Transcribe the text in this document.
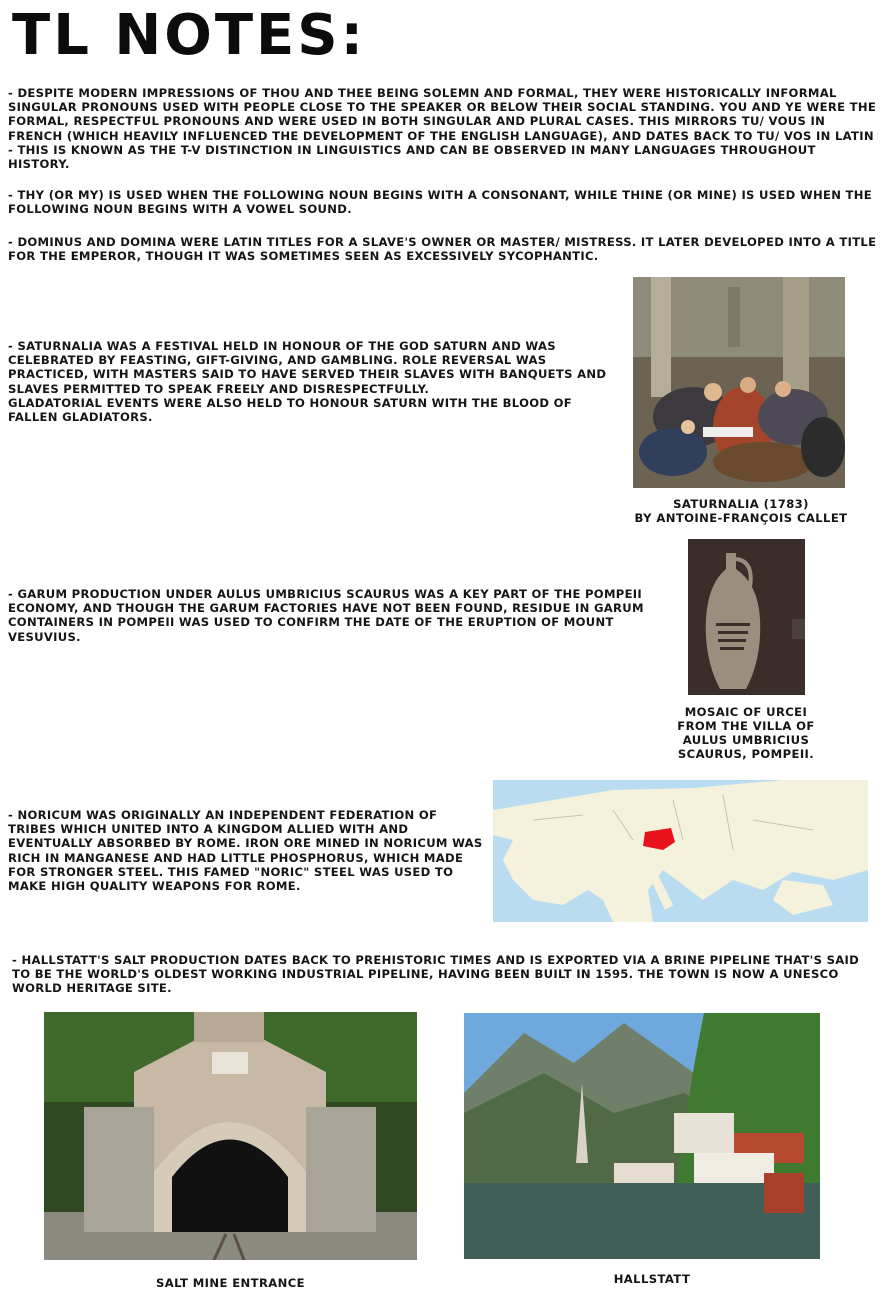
TL NOTES:

- DESPITE MODERN IMPRESSIONS OF THOU AND THEE BEING SOLEMN AND FORMAL, THEY WERE HISTORICALLY INFORMAL SINGULAR PRONOUNS USED WITH PEOPLE CLOSE TO THE SPEAKER OR BELOW THEIR SOCIAL STANDING. YOU AND YE WERE THE FORMAL, RESPECTFUL PRONOUNS AND WERE USED IN BOTH SINGULAR AND PLURAL CASES. THIS MIRRORS TU/ VOUS IN FRENCH (WHICH HEAVILY INFLUENCED THE DEVELOPMENT OF THE ENGLISH LANGUAGE), AND DATES BACK TO TU/ VOS IN LATIN - THIS IS KNOWN AS THE T-V DISTINCTION IN LINGUISTICS AND CAN BE OBSERVED IN MANY LANGUAGES THROUGHOUT HISTORY.

- THY (OR MY) IS USED WHEN THE FOLLOWING NOUN BEGINS WITH A CONSONANT, WHILE THINE (OR MINE) IS USED WHEN THE FOLLOWING NOUN BEGINS WITH A VOWEL SOUND.

- DOMINUS AND DOMINA WERE LATIN TITLES FOR A SLAVE'S OWNER OR MASTER/ MISTRESS. IT LATER DEVELOPED INTO A TITLE FOR THE EMPEROR, THOUGH IT WAS SOMETIMES SEEN AS EXCESSIVELY SYCOPHANTIC.

- SATURNALIA WAS A FESTIVAL HELD IN HONOUR OF THE GOD SATURN AND WAS CELEBRATED BY FEASTING, GIFT-GIVING, AND GAMBLING. ROLE REVERSAL WAS PRACTICED, WITH MASTERS SAID TO HAVE SERVED THEIR SLAVES WITH BANQUETS AND SLAVES PERMITTED TO SPEAK FREELY AND DISRESPECTFULLY.

GLADATORIAL EVENTS WERE ALSO HELD TO HONOUR SATURN WITH THE BLOOD OF FALLEN GLADIATORS.

SATURNALIA (1783)
BY ANTOINE-FRANÇOIS CALLET

- GARUM PRODUCTION UNDER AULUS UMBRICIUS SCAURUS WAS A KEY PART OF THE POMPEII ECONOMY, AND THOUGH THE GARUM FACTORIES HAVE NOT BEEN FOUND, RESIDUE IN GARUM CONTAINERS IN POMPEII WAS USED TO CONFIRM THE DATE OF THE ERUPTION OF MOUNT VESUVIUS.

MOSAIC OF URCEI
FROM THE VILLA OF
AULUS UMBRICIUS
SCAURUS, POMPEII.

- NORICUM WAS ORIGINALLY AN INDEPENDENT FEDERATION OF TRIBES WHICH UNITED INTO A KINGDOM ALLIED WITH AND EVENTUALLY ABSORBED BY ROME. IRON ORE MINED IN NORICUM WAS RICH IN MANGANESE AND HAD LITTLE PHOSPHORUS, WHICH MADE FOR STRONGER STEEL. THIS FAMED "NORIC" STEEL WAS USED TO MAKE HIGH QUALITY WEAPONS FOR ROME.

- HALLSTATT'S SALT PRODUCTION DATES BACK TO PREHISTORIC TIMES AND IS EXPORTED VIA A BRINE PIPELINE THAT'S SAID TO BE THE WORLD'S OLDEST WORKING INDUSTRIAL PIPELINE, HAVING BEEN BUILT IN 1595. THE TOWN IS NOW A UNESCO WORLD HERITAGE SITE.

SALT MINE ENTRANCE	HALLSTATT
